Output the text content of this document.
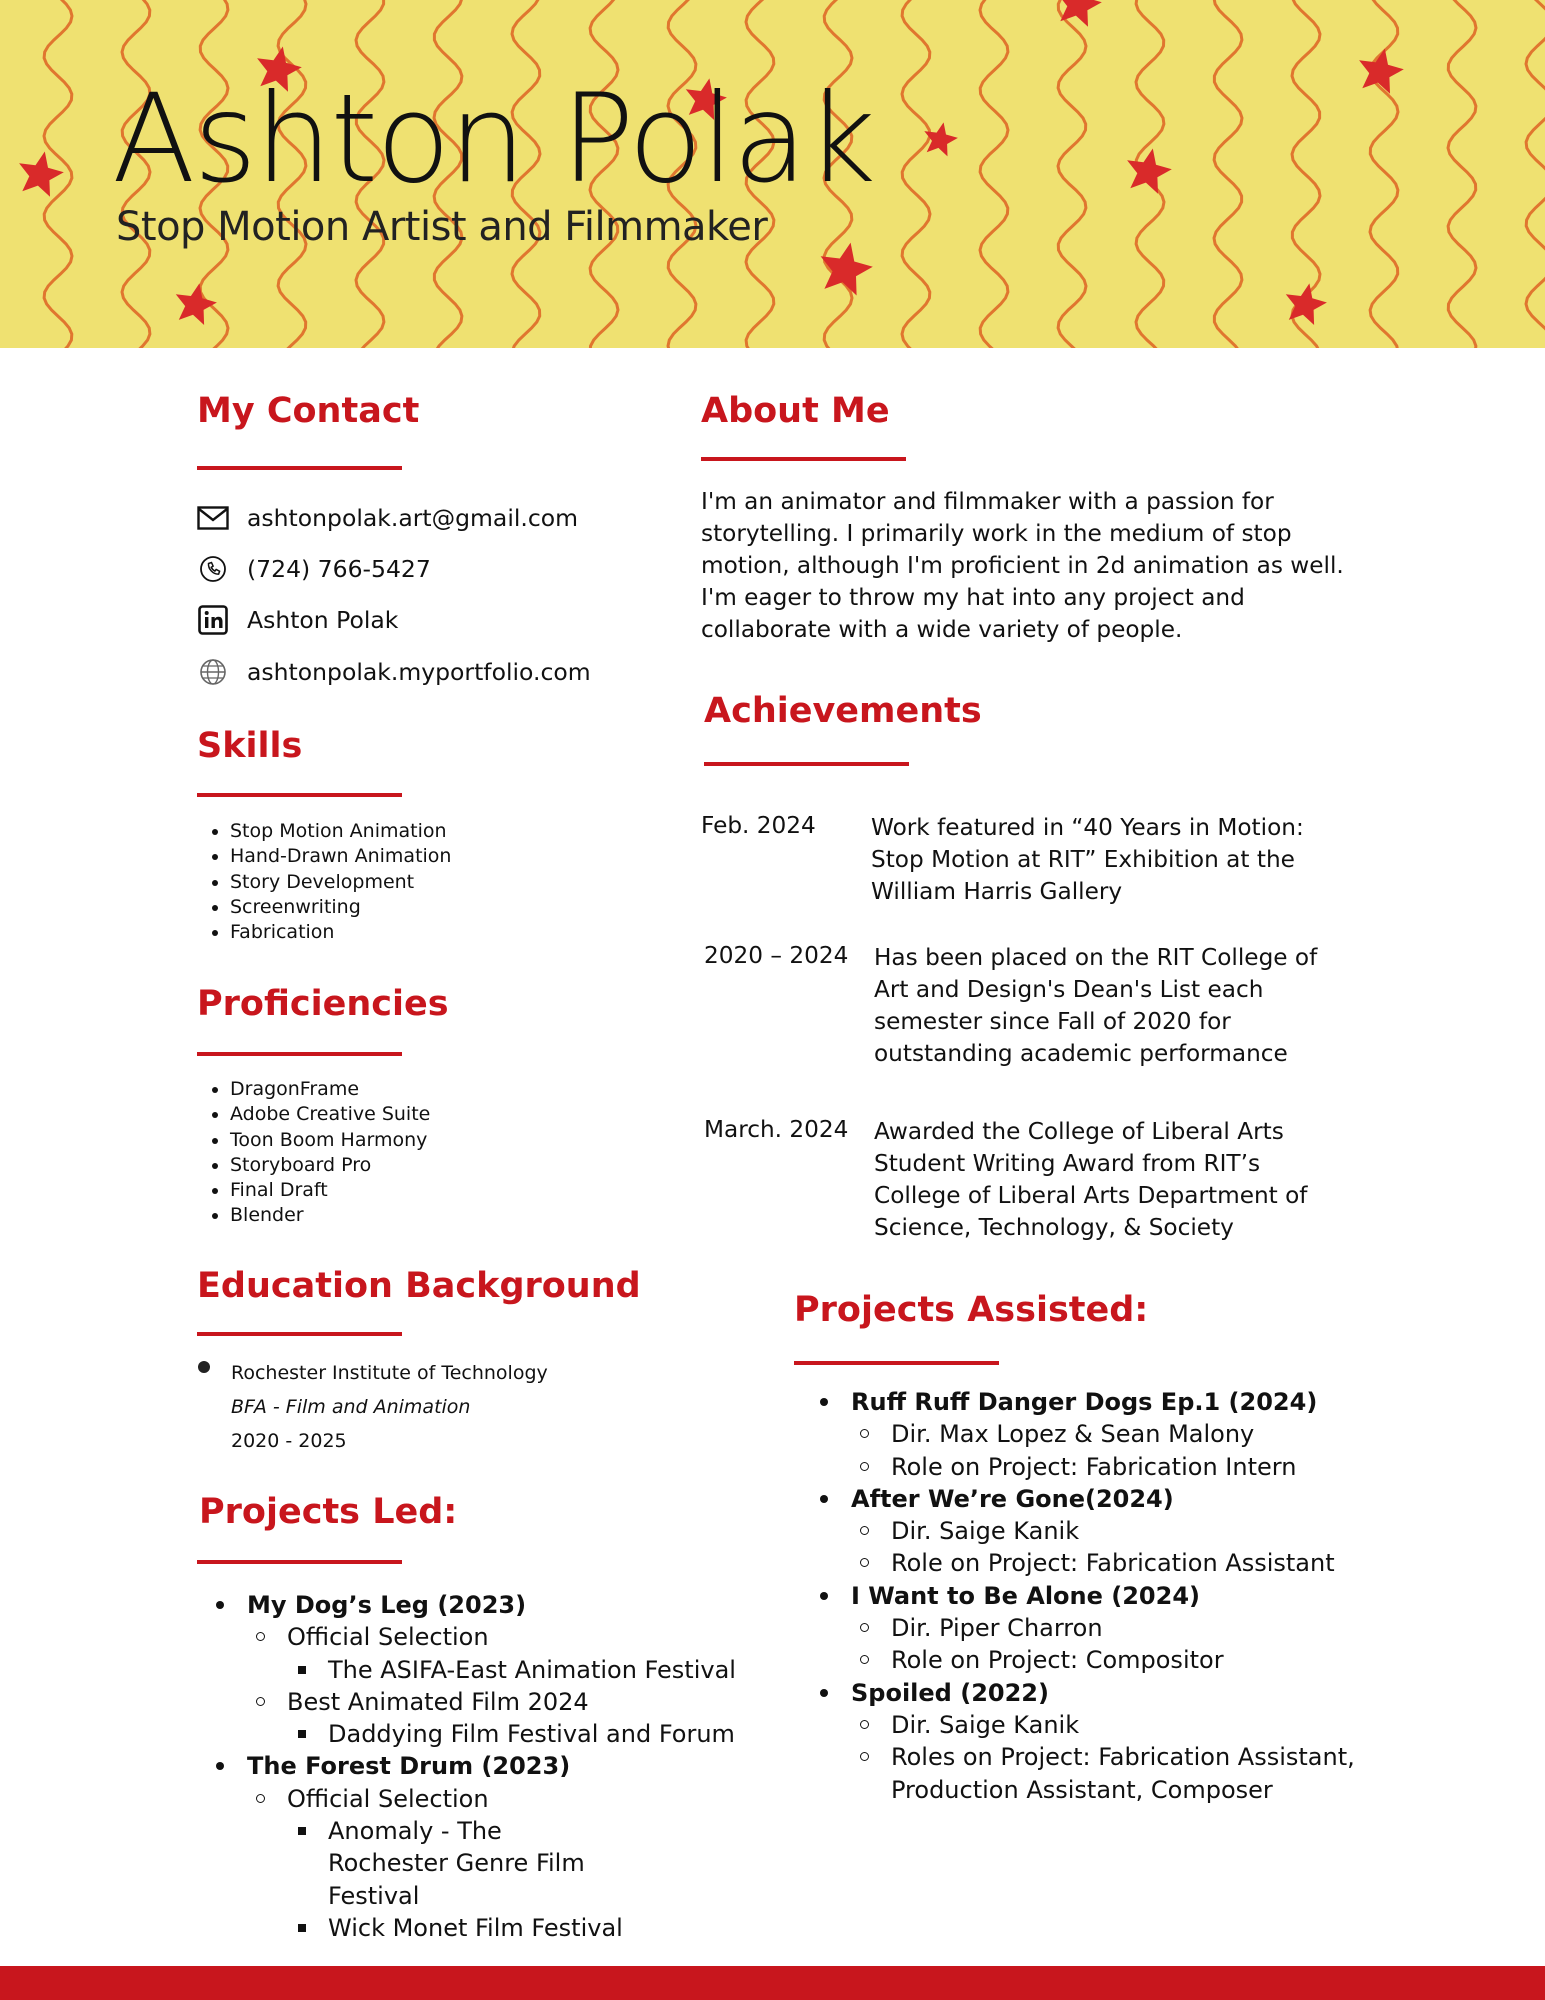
Ashton Polak
Stop Motion Artist and Filmmaker
My Contact
ashtonpolak.art@gmail.com
(724) 766-5427
Ashton Polak
ashtonpolak.myportfolio.com
Skills
• Stop Motion Animation
• Hand-Drawn Animation
• Story Development
• Screenwriting
• Fabrication
Proficiencies
• DragonFrame
• Adobe Creative Suite
• Toon Boom Harmony
• Storyboard Pro
• Final Draft
• Blender
Education Background
Rochester Institute of Technology
BFA - Film and Animation
2020 - 2025
Projects Led:
My Dog’s Leg (2023)
Official Selection
The ASIFA-East Animation Festival
Best Animated Film 2024
Daddying Film Festival and Forum
The Forest Drum (2023)
Official Selection
Anomaly - The Rochester Genre Film Festival
Wick Monet Film Festival
About Me
I'm an animator and filmmaker with a passion for storytelling. I primarily work in the medium of stop motion, although I'm proficient in 2d animation as well. I'm eager to throw my hat into any project and collaborate with a wide variety of people.
Achievements
Feb. 2024 Work featured in “40 Years in Motion: Stop Motion at RIT” Exhibition at the William Harris Gallery
2020 – 2024 Has been placed on the RIT College of Art and Design's Dean's List each semester since Fall of 2020 for outstanding academic performance
March. 2024 Awarded the College of Liberal Arts Student Writing Award from RIT’s College of Liberal Arts Department of Science, Technology, & Society
Projects Assisted:
Ruff Ruff Danger Dogs Ep.1 (2024)
Dir. Max Lopez & Sean Malony
Role on Project: Fabrication Intern
After We’re Gone(2024)
Dir. Saige Kanik
Role on Project: Fabrication Assistant
I Want to Be Alone (2024)
Dir. Piper Charron
Role on Project: Compositor
Spoiled (2022)
Dir. Saige Kanik
Roles on Project: Fabrication Assistant, Production Assistant, Composer
